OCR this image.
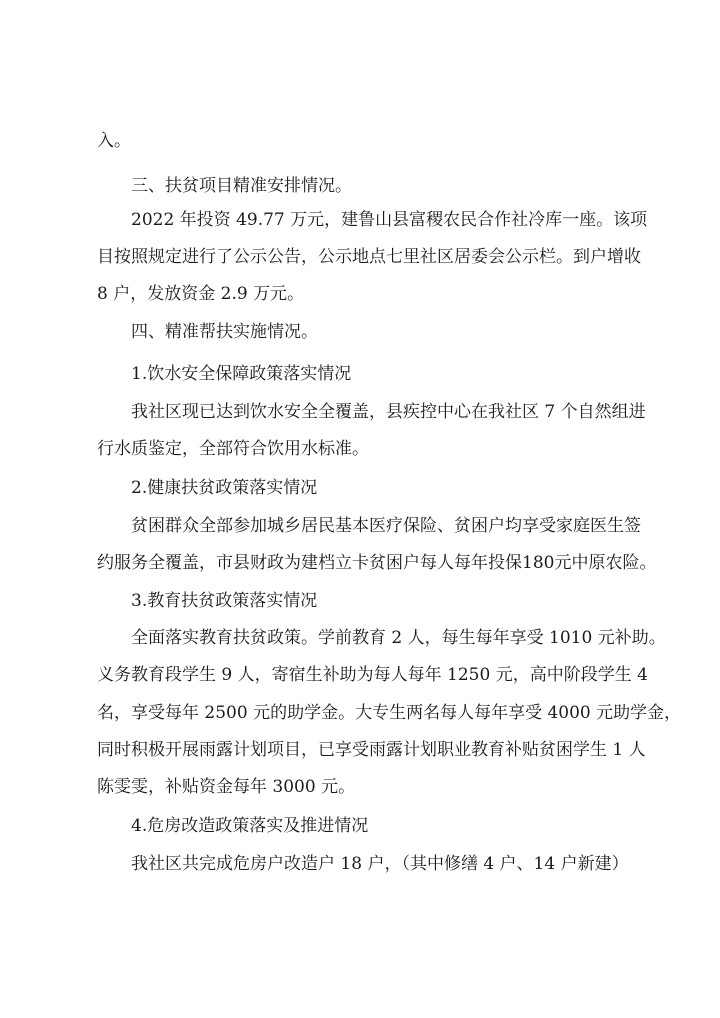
入。
三、扶贫项目精准安排情况。
2022 年投资 49.77 万元，建鲁山县富稷农民合作社冷库一座。该项
目按照规定进行了公示公告，公示地点七里社区居委会公示栏。到户增收
8 户，发放资金 2.9 万元。
四、精准帮扶实施情况。
1.饮水安全保障政策落实情况
我社区现已达到饮水安全全覆盖，县疾控中心在我社区 7 个自然组进
行水质鉴定，全部符合饮用水标准。
2.健康扶贫政策落实情况
贫困群众全部参加城乡居民基本医疗保险、贫困户均享受家庭医生签
约服务全覆盖，市县财政为建档立卡贫困户每人每年投保180元中原农险。
3.教育扶贫政策落实情况
全面落实教育扶贫政策。学前教育 2 人，每生每年享受 1010 元补助。
义务教育段学生 9 人，寄宿生补助为每人每年 1250 元，高中阶段学生 4
名，享受每年 2500 元的助学金。大专生两名每人每年享受 4000 元助学金，
同时积极开展雨露计划项目，已享受雨露计划职业教育补贴贫困学生 1 人
陈雯雯，补贴资金每年 3000 元。
4.危房改造政策落实及推进情况
我社区共完成危房户改造户 18 户，（其中修缮 4 户、14 户新建）
